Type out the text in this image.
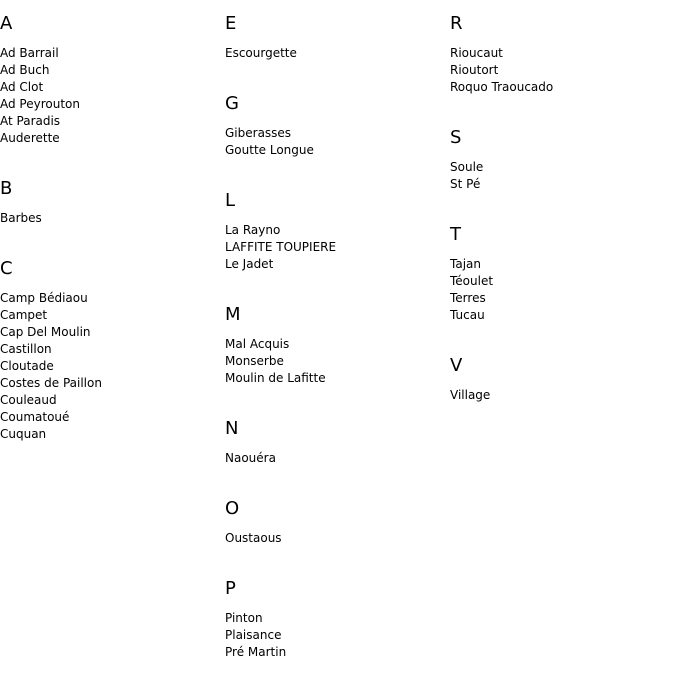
A
Ad Barrail
Ad Buch
Ad Clot
Ad Peyrouton
At Paradis
Auderette
B
Barbes
C
Camp Bédiaou
Campet
Cap Del Moulin
Castillon
Cloutade
Costes de Paillon
Couleaud
Coumatoué
Cuquan
E
Escourgette
G
Giberasses
Goutte Longue
L
La Rayno
LAFFITE TOUPIERE
Le Jadet
M
Mal Acquis
Monserbe
Moulin de Lafitte
N
Naouéra
O
Oustaous
P
Pinton
Plaisance
Pré Martin
R
Rioucaut
Rioutort
Roquo Traoucado
S
Soule
St Pé
T
Tajan
Téoulet
Terres
Tucau
V
Village
